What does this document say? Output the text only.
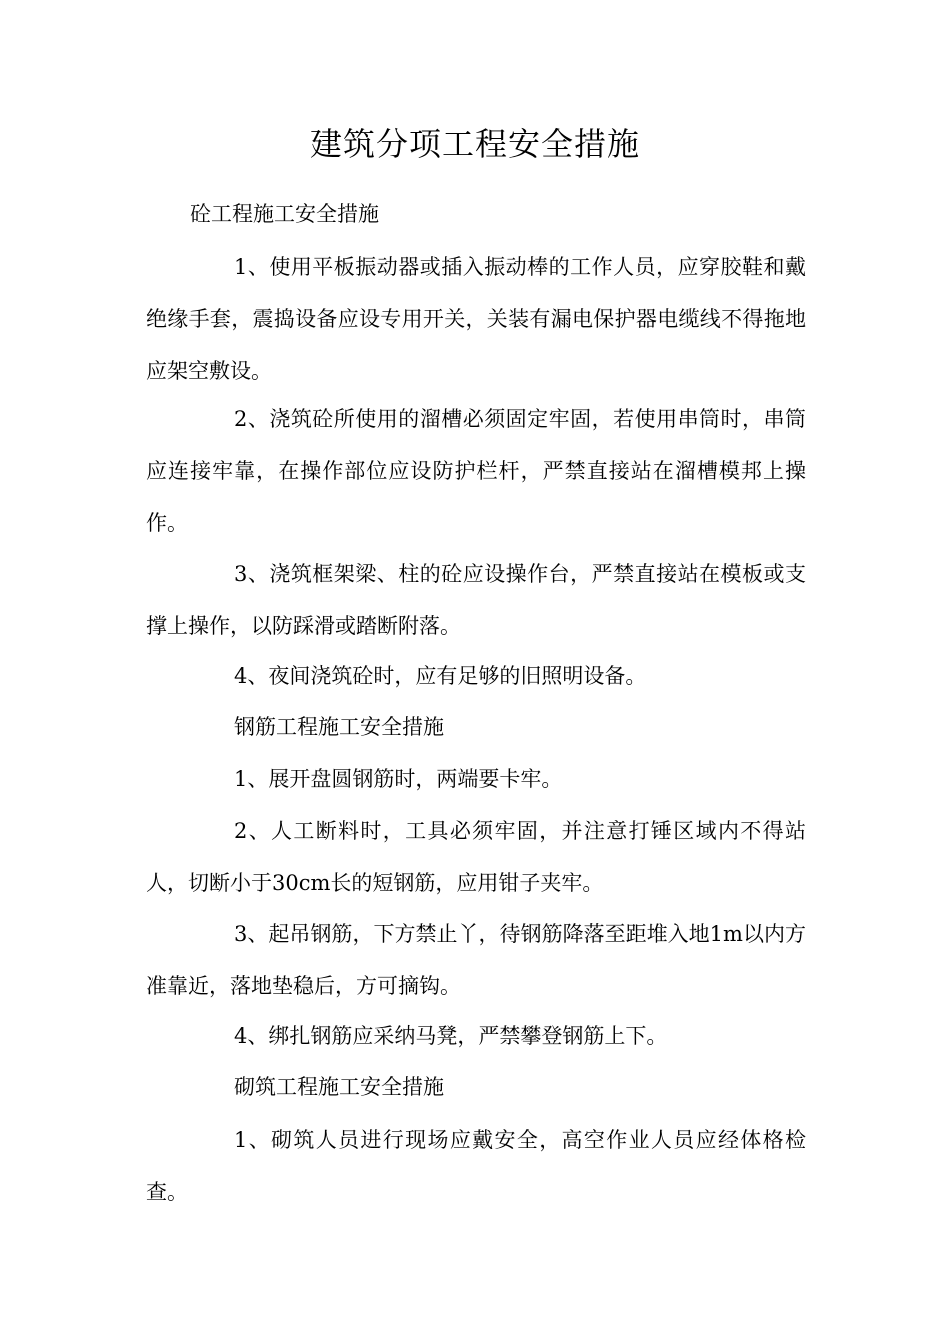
建筑分项工程安全措施

砼工程施工安全措施

1、使用平板振动器或插入振动棒的工作人员，应穿胶鞋和戴绝缘手套，震捣设备应设专用开关，关装有漏电保护器电缆线不得拖地应架空敷设。

2、浇筑砼所使用的溜槽必须固定牢固，若使用串筒时，串筒应连接牢靠，在操作部位应设防护栏杆，严禁直接站在溜槽模邦上操作。

3、浇筑框架梁、柱的砼应设操作台，严禁直接站在模板或支撑上操作，以防踩滑或踏断附落。

4、夜间浇筑砼时，应有足够的旧照明设备。

钢筋工程施工安全措施

1、展开盘圆钢筋时，两端要卡牢。

2、人工断料时，工具必须牢固，并注意打锤区域内不得站人，切断小于30cm长的短钢筋，应用钳子夹牢。

3、起吊钢筋，下方禁止丫，待钢筋降落至距堆入地1m以内方准靠近，落地垫稳后，方可摘钩。

4、绑扎钢筋应采纳马凳，严禁攀登钢筋上下。

砌筑工程施工安全措施

1、砌筑人员进行现场应戴安全，高空作业人员应经体格检查。
